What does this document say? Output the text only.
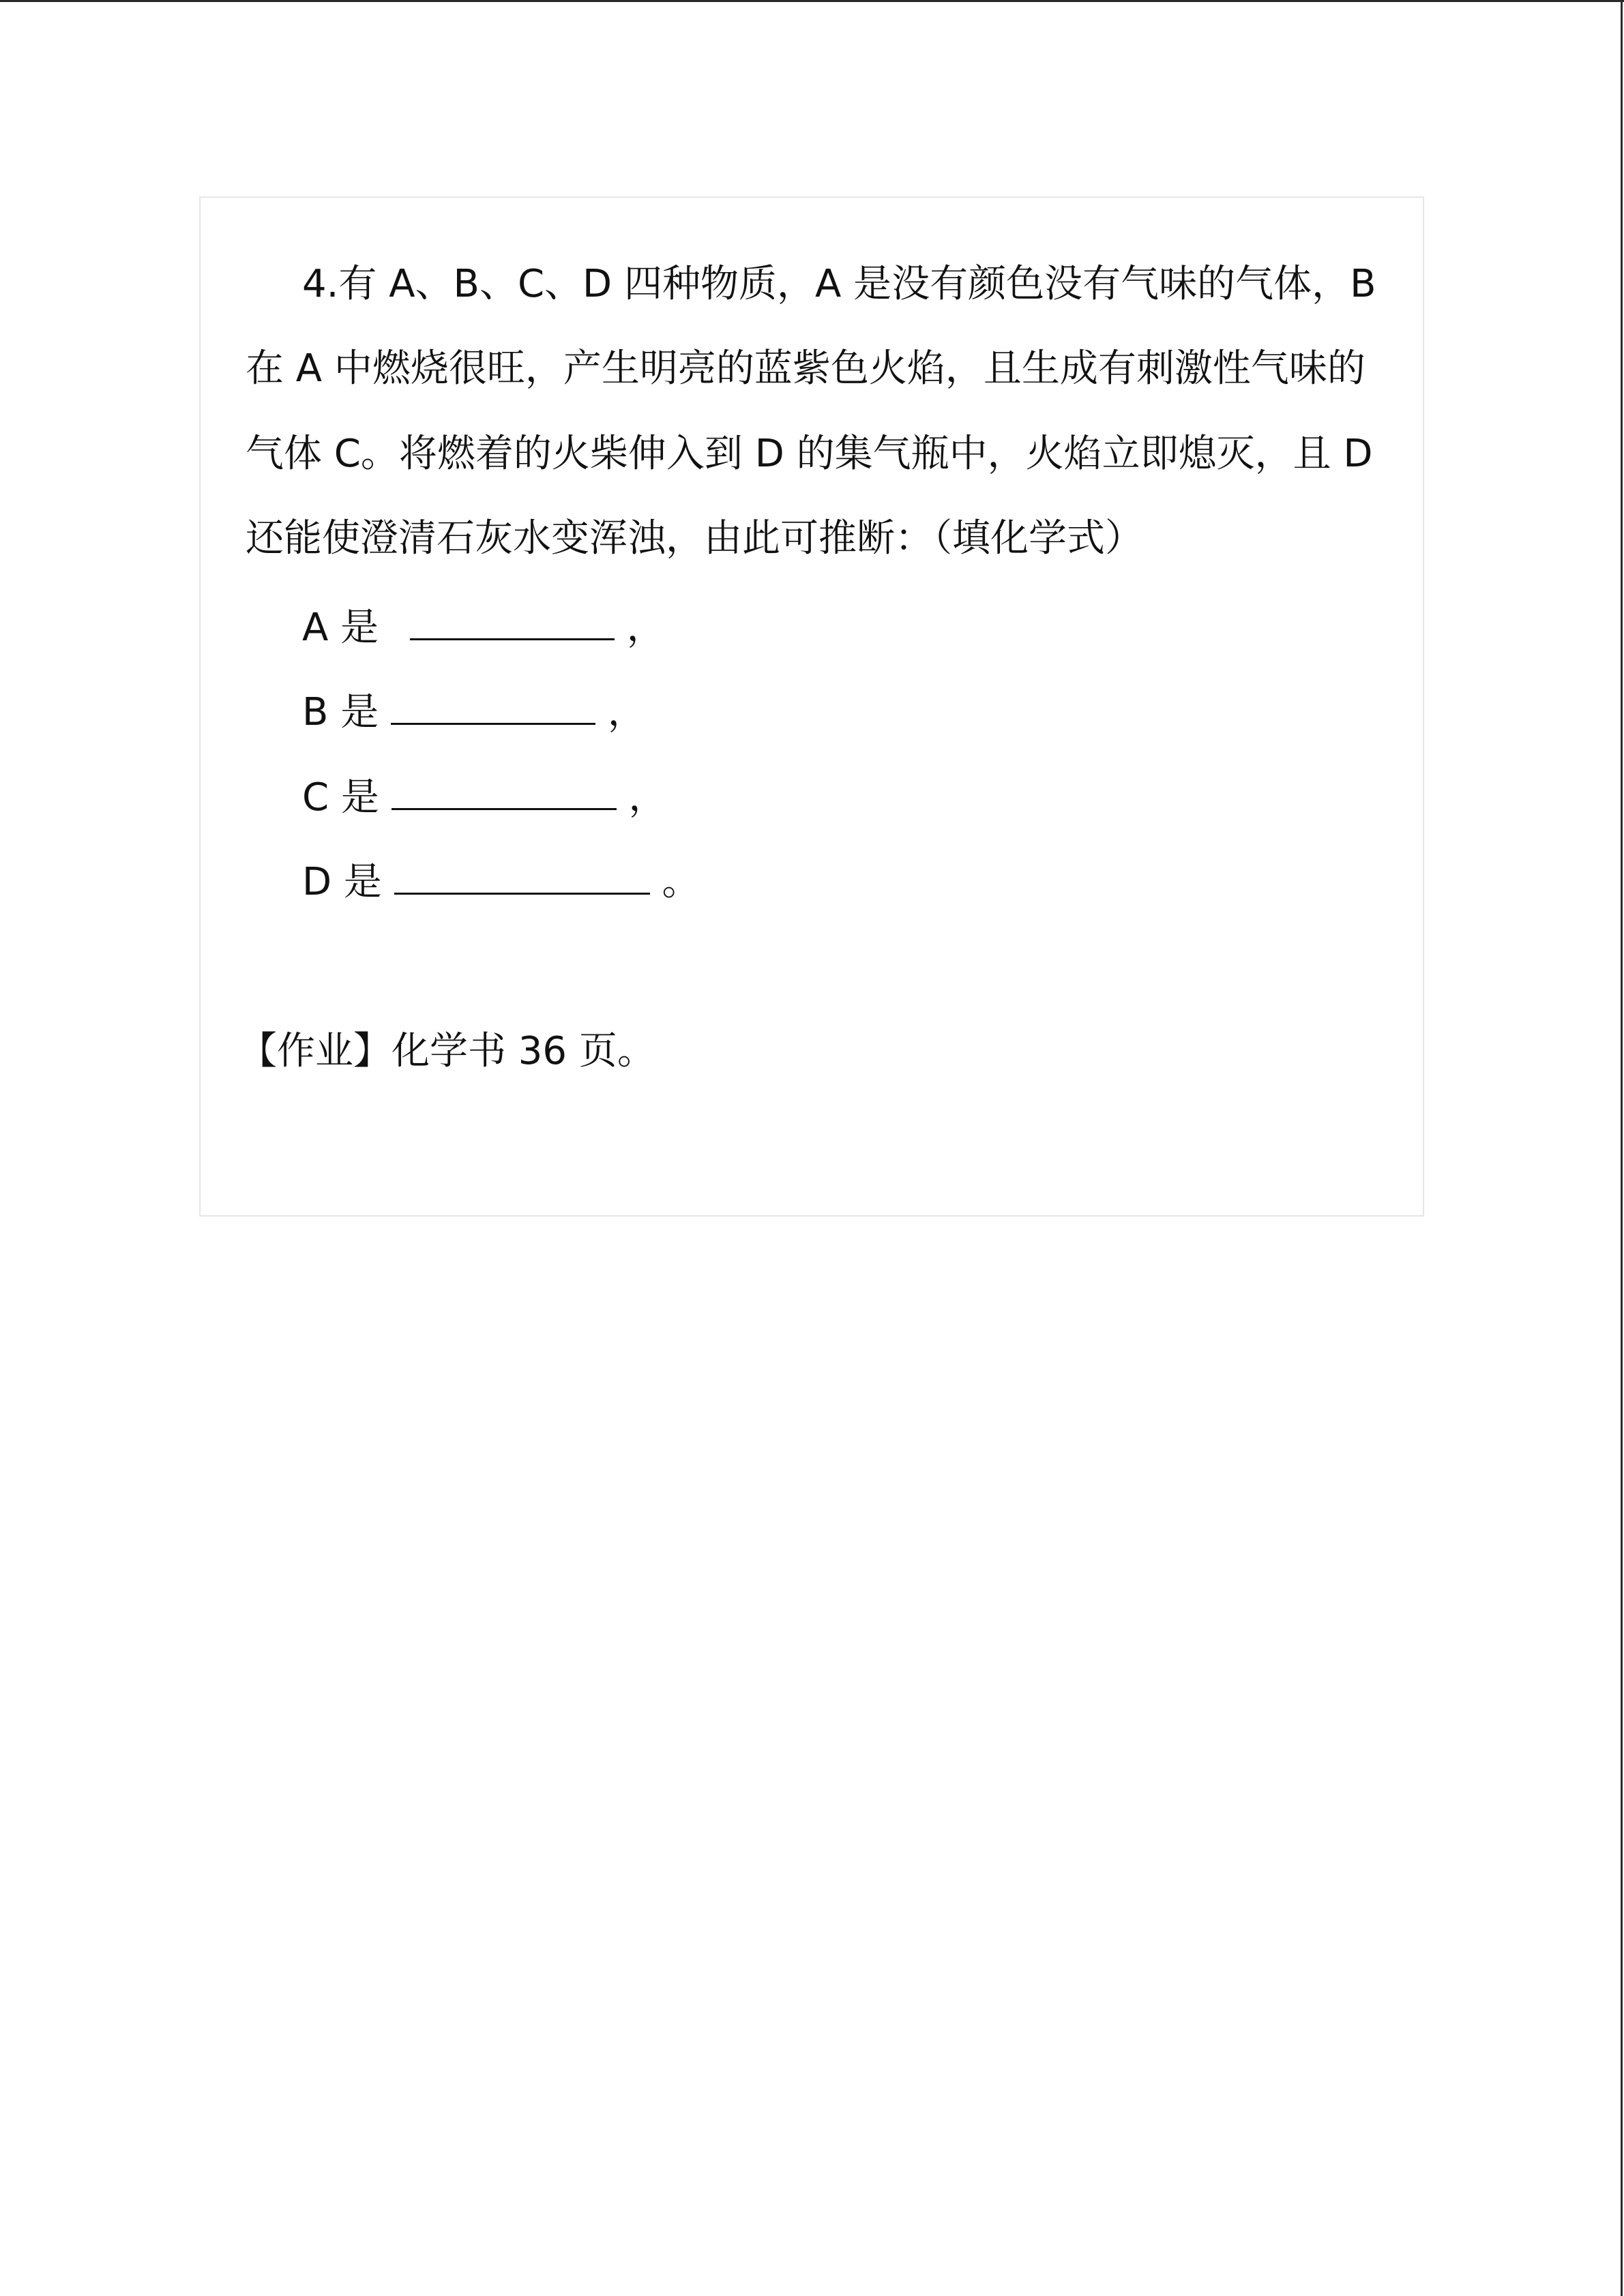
4.有 A、B、C、D 四种物质，A 是没有颜色没有气味的气体，B

在 A 中燃烧很旺，产生明亮的蓝紫色火焰，且生成有刺激性气味的

气体 C。将燃着的火柴伸入到 D 的集气瓶中，火焰立即熄灭，且 D

还能使澄清石灰水变浑浊，由此可推断：（填化学式）

A 是	，

B 是	，

C 是	，

D 是	。

【作业】化学书 36 页。
